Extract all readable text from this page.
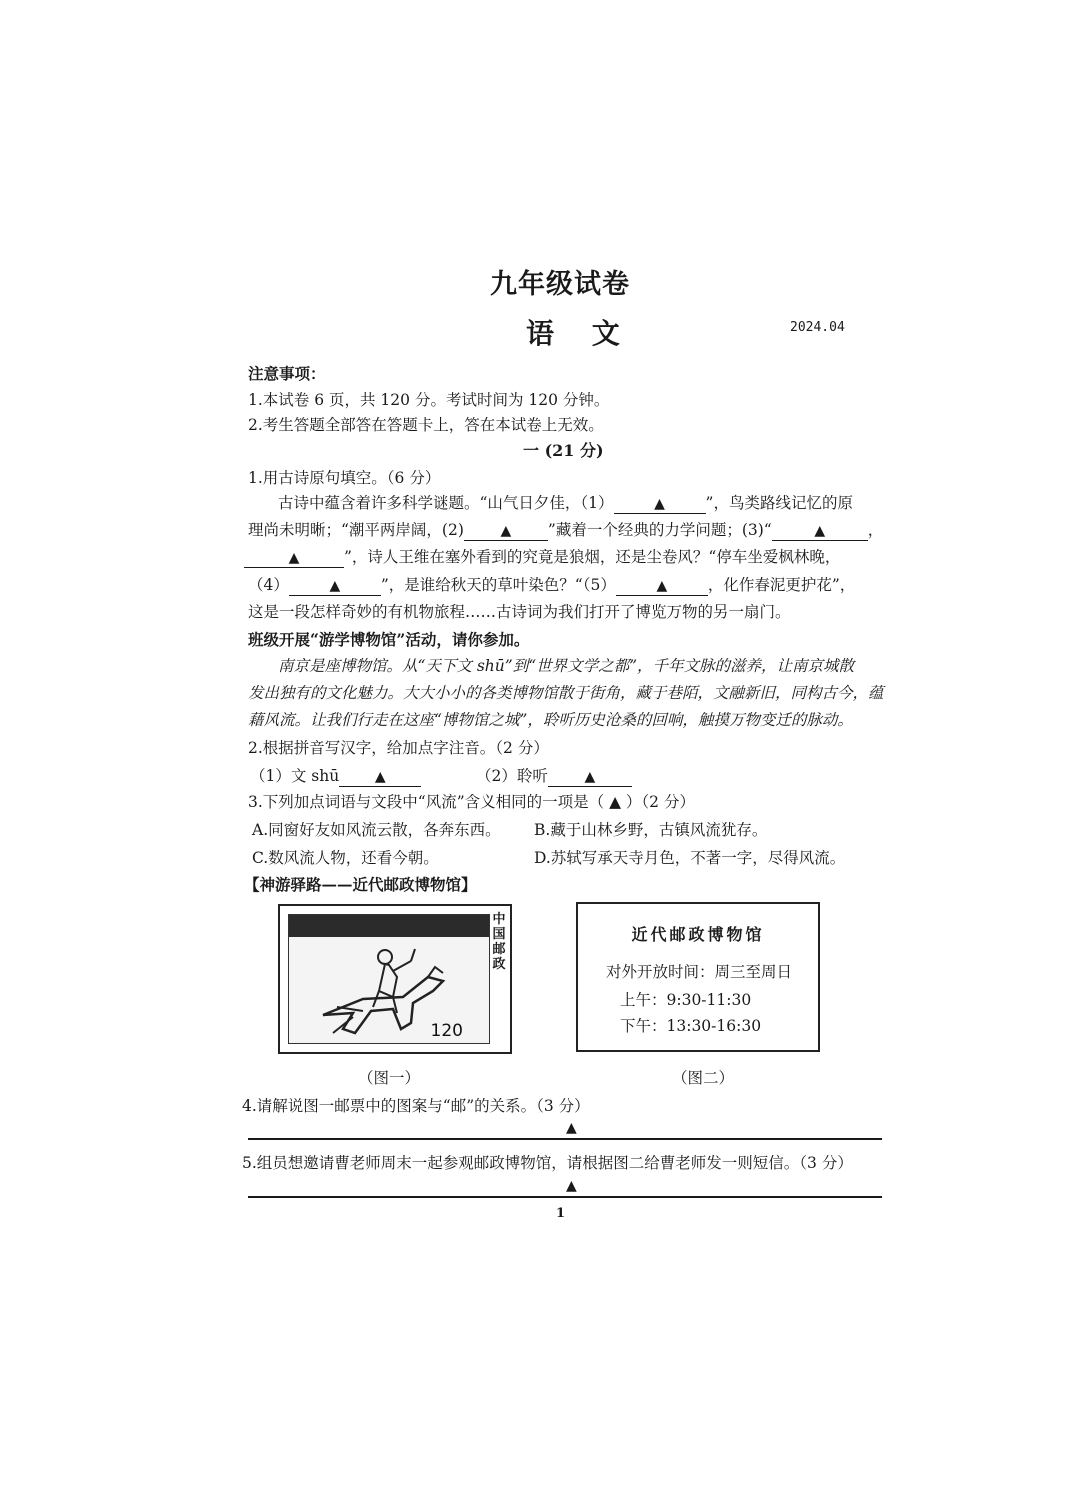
九年级试卷
语 文	2024.04
注意事项：
1.本试卷 6 页，共 120 分。考试时间为 120 分钟。
2.考生答题全部答在答题卡上，答在本试卷上无效。
一 (21 分)
1.用古诗原句填空。（6 分）
古诗中蕴含着许多科学谜题。“山气日夕佳，（1）	▲	”，鸟类路线记忆的原
理尚未明晰；“潮平两岸阔，(2)	▲ ”藏着一个经典的力学问题；(3)“	▲	，
▲	”，诗人王维在塞外看到的究竟是狼烟，还是尘卷风？“停车坐爱枫林晚，
（4）	▲	”，是谁给秋天的草叶染色？“（5）	▲	，化作春泥更护花”，
这是一段怎样奇妙的有机物旅程……古诗词为我们打开了博览万物的另一扇门。
班级开展“游学博物馆”活动，请你参加。
南京是座博物馆。从“天下文 shū”到“世界文学之都”，千年文脉的滋养，让南京城散
发出独有的文化魅力。大大小小的各类博物馆散于街角，藏于巷陌，文融新旧，同构古今，蕴
藉风流。让我们行走在这座“博物馆之城”，聆听历史沧桑的回响，触摸万物变迁的脉动。
2.根据拼音写汉字，给加点字注音。（2 分）
（1）文 shū	▲	（2）聆听	▲
3.下列加点词语与文段中“风流”含义相同的一项是（ ▲ ）（2 分）
A.同窗好友如风流云散，各奔东西。 B.藏于山林乡野，古镇风流犹存。
C.数风流人物，还看今朝。	D.苏轼写承天寺月色，不著一字，尽得风流。
【神游驿路——近代邮政博物馆】
120
中国邮政
（图一）
近代邮政博物馆
对外开放时间：周三至周日
上午：9:30-11:30
下午：13:30-16:30
（图二）
4.请解说图一邮票中的图案与“邮”的关系。（3 分）
▲
5.组员想邀请曹老师周末一起参观邮政博物馆，请根据图二给曹老师发一则短信。（3 分）
▲
1
